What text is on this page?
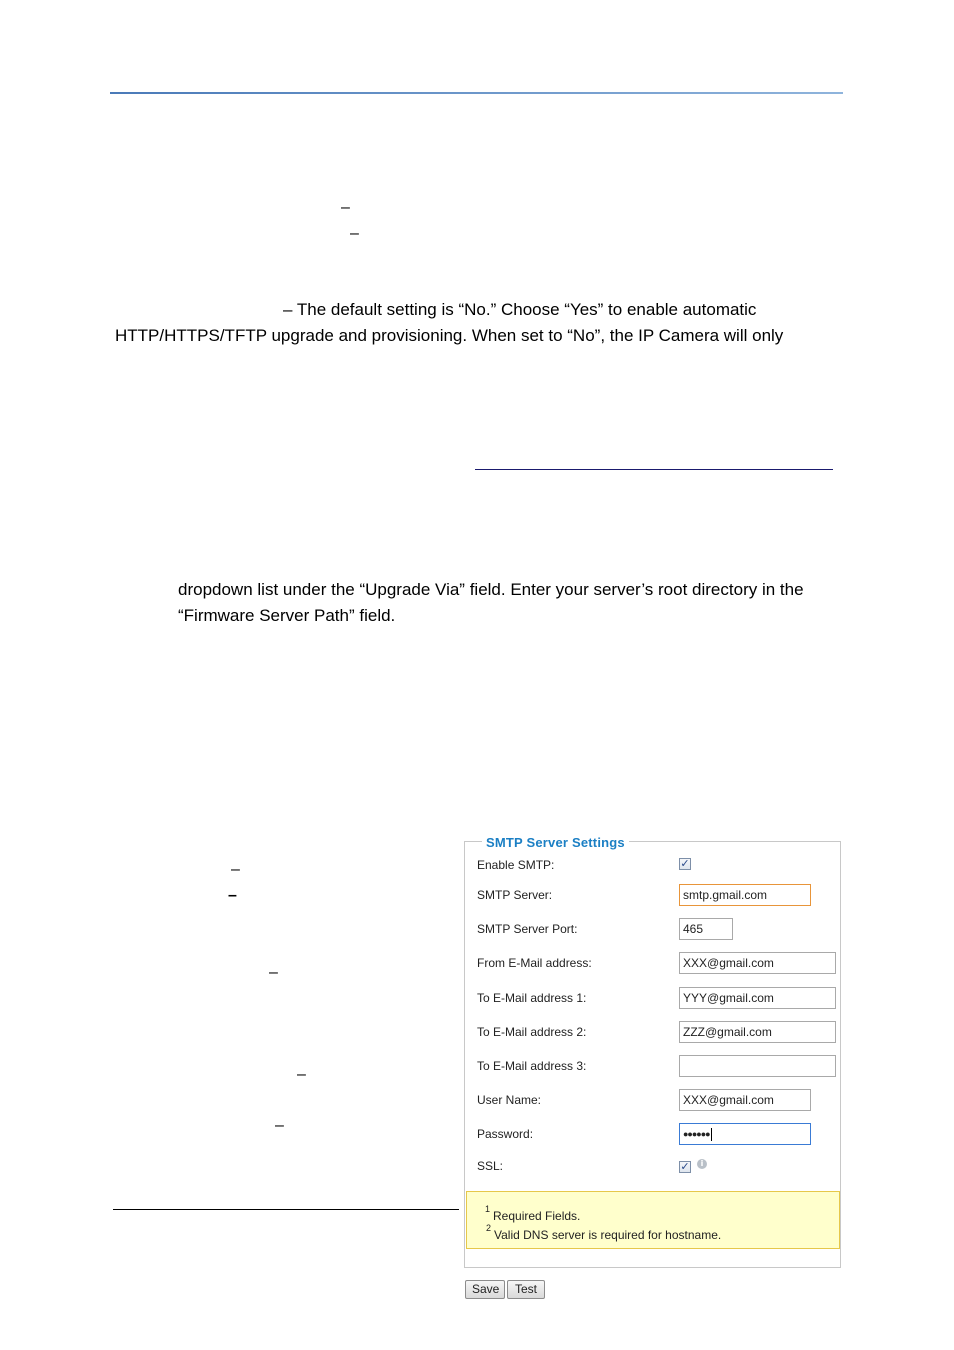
–
–
– The default setting is “No.” Choose “Yes” to enable automatic
HTTP/HTTPS/TFTP upgrade and provisioning. When set to “No”, the IP Camera will only
dropdown list under the “Upgrade Via” field. Enter your server’s root directory in the
“Firmware Server Path” field.
–
–
–
–
–
SMTP Server Settings
Enable SMTP:	✓
SMTP Server:	smtp.gmail.com
SMTP Server Port:	465
From E-Mail address:	XXX@gmail.com
To E-Mail address 1:	YYY@gmail.com
To E-Mail address 2:	ZZZ@gmail.com
To E-Mail address 3:
User Name:	XXX@gmail.com
Password:	●●●●●●
SSL:	✓	i
$^1$ Required Fields.
$^2$ Valid DNS server is required for hostname.
Save	Test
